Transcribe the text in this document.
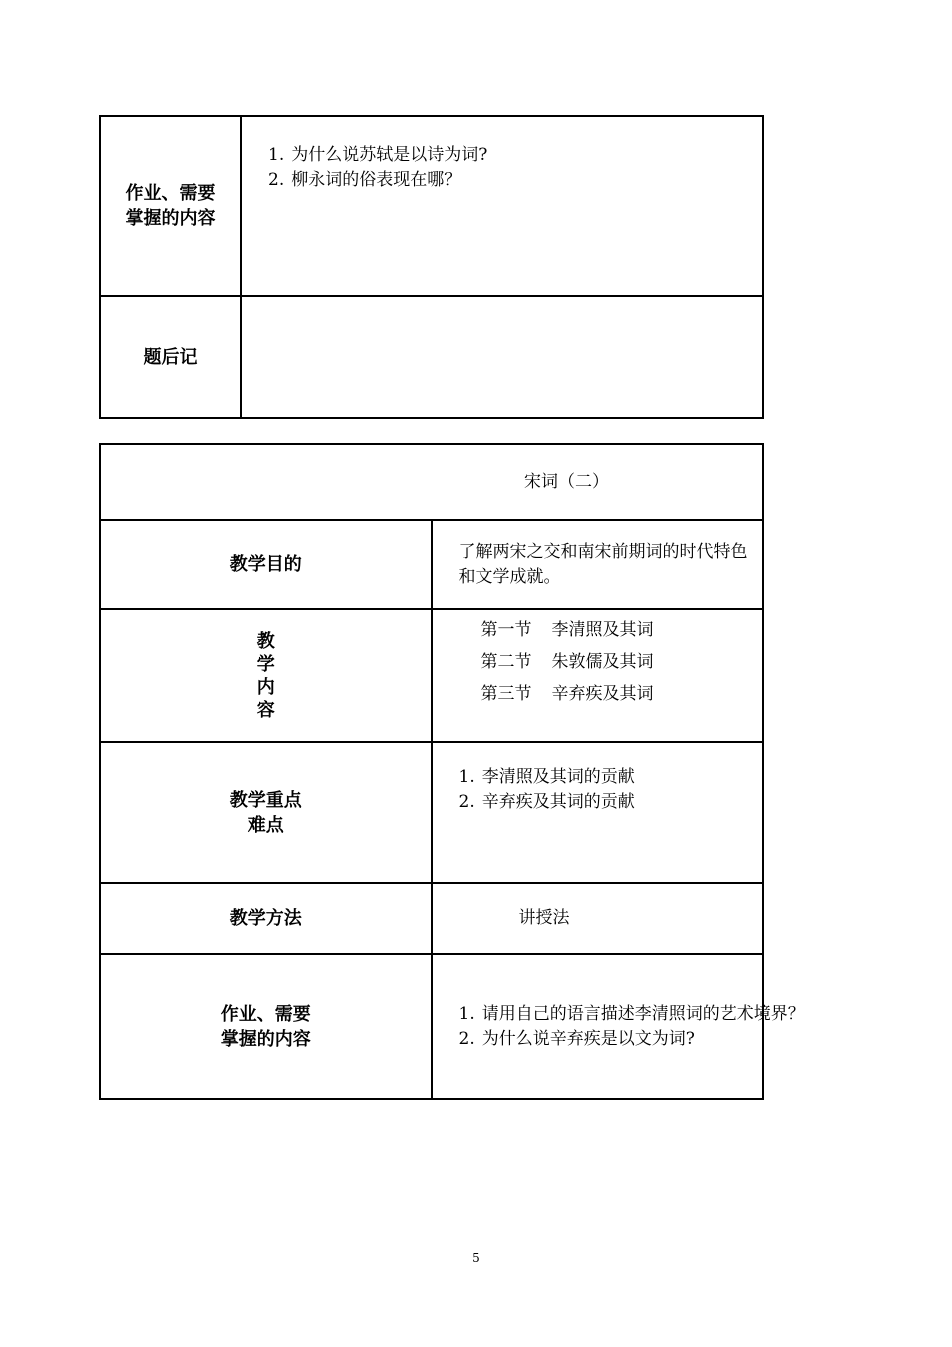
作业、需要
掌握的内容	1. 为什么说苏轼是以诗为词?
2. 柳永词的俗表现在哪？

题后记	
宋词（二）	
教学目的	了解两宋之交和南宋前期词的时代特色和文学成就。

教
学
内
容	第一节 李清照及其词
第二节 朱敦儒及其词
第三节 辛弃疾及其词

教学重点
难点	1. 李清照及其词的贡献
2. 辛弃疾及其词的贡献

教学方法	讲授法

作业、需要
掌握的内容	1. 请用自己的语言描述李清照词的艺术境界？
2. 为什么说辛弃疾是以文为词?
5
